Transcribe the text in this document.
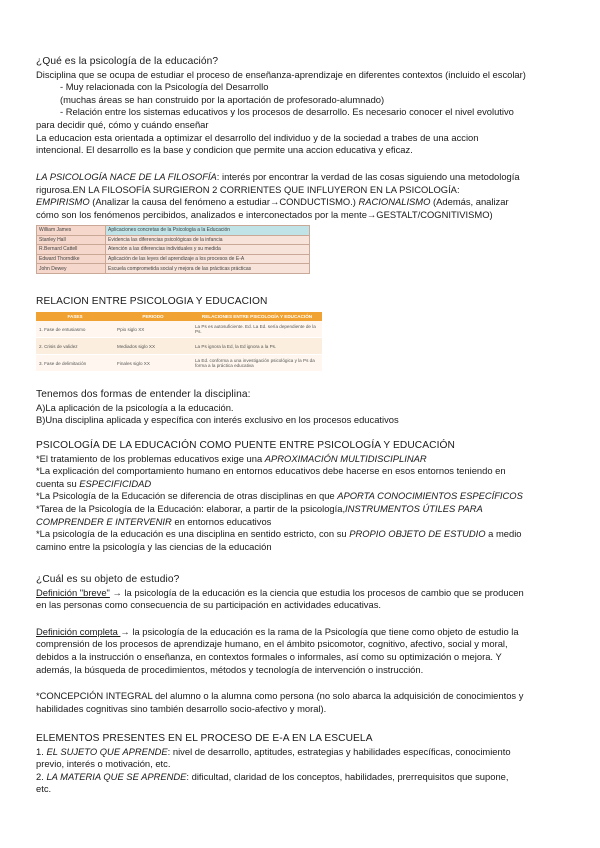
¿Qué es la psicología de la educación?
Disciplina que se ocupa de estudiar el proceso de enseñanza-aprendizaje en diferentes contextos (incluido el escolar)
- Muy relacionada con la Psicología del Desarrollo
(muchas áreas se han construido por la aportación de profesorado-alumnado)
- Relación entre los sistemas educativos y los procesos de desarrollo. Es necesario conocer el nivel evolutivo
para decidir qué, cómo y cuándo enseñar
La educacion esta orientada a optimizar el desarrollo del individuo y de la sociedad a trabes de una accion
intencional. El desarrollo es la base y condicion que permite una accion educativa y eficaz.
LA PSICOLOGÍA NACE DE LA FILOSOFÍA: interés por encontrar la verdad de las cosas siguiendo una metodología
rigurosa.EN LA FILOSOFÍA SURGIERON 2 CORRIENTES QUE INFLUYERON EN LA PSICOLOGÍA:
EMPIRISMO (Analizar la causa del fenómeno a estudiar→CONDUCTISMO.) RACIONALISMO (Además, analizar
cómo son los fenómenos percibidos, analizados e interconectados por la mente→GESTALT/COGNITIVISMO)
William James	Aplicaciones concretas de la Psicología a la Educación
Stanley Hall	Evidencia las diferencias psicológicas de la infancia
R.Bernard Cattell	Atención a las diferencias individuales y su medida
Edward Thorndike	Aplicación de las leyes del aprendizaje a los procesos de E-A
John Dewey	Escuela comprometida social y mejora de las prácticas prácticas
RELACION ENTRE PSICOLOGIA Y EDUCACION
FASES	PERIODO	RELACIONES ENTRE PSICOLOGÍA Y EDUCACIÓN
1. Fase de entusiasmo	Ppio siglo XX	La Ps es autosuficiente. Ed. La Ed. sería dependiente de la Ps.
2. Crisis de validez	Mediados siglo XX	La Ps ignora la Ed, la Ed ignora a la Ps.
3. Fase de delimitación	Finales siglo XX	La Ed. conforma a una investigación psicológica y la Ps da forma a la práctica educativa
Tenemos dos formas de entender la disciplina:
A)La aplicación de la psicología a la educación.
B)Una disciplina aplicada y específica con interés exclusivo en los procesos educativos
PSICOLOGÍA DE LA EDUCACIÓN COMO PUENTE ENTRE PSICOLOGÍA Y EDUCACIÓN
*El tratamiento de los problemas educativos exige una APROXIMACIÓN MULTIDISCIPLINAR
*La explicación del comportamiento humano en entornos educativos debe hacerse en esos entornos teniendo en
cuenta su ESPECIFICIDAD
*La Psicología de la Educación se diferencia de otras disciplinas en que APORTA CONOCIMIENTOS ESPECÍFICOS
*Tarea de la Psicología de la Educación: elaborar, a partir de la psicología,INSTRUMENTOS ÚTILES PARA
COMPRENDER E INTERVENIR en entornos educativos
*La psicología de la educación es una disciplina en sentido estricto, con su PROPIO OBJETO DE ESTUDIO a medio
camino entre la psicología y las ciencias de la educación
¿Cuál es su objeto de estudio?
Definición "breve" → la psicología de la educación es la ciencia que estudia los procesos de cambio que se producen
en las personas como consecuencia de su participación en actividades educativas.
Definición completa → la psicología de la educación es la rama de la Psicología que tiene como objeto de estudio la
comprensión de los procesos de aprendizaje humano, en el ámbito psicomotor, cognitivo, afectivo, social y moral,
debidos a la instrucción o enseñanza, en contextos formales o informales, así como su optimización o mejora. Y
además, la búsqueda de procedimientos, métodos y tecnología de intervención o instrucción.
*CONCEPCIÓN INTEGRAL del alumno o la alumna como persona (no solo abarca la adquisición de conocimientos y
habilidades cognitivas sino también desarrollo socio-afectivo y moral).
ELEMENTOS PRESENTES EN EL PROCESO DE E-A EN LA ESCUELA
1. EL SUJETO QUE APRENDE: nivel de desarrollo, aptitudes, estrategias y habilidades específicas, conocimiento
previo, interés o motivación, etc.
2. LA MATERIA QUE SE APRENDE: dificultad, claridad de los conceptos, habilidades, prerrequisitos que supone,
etc.
